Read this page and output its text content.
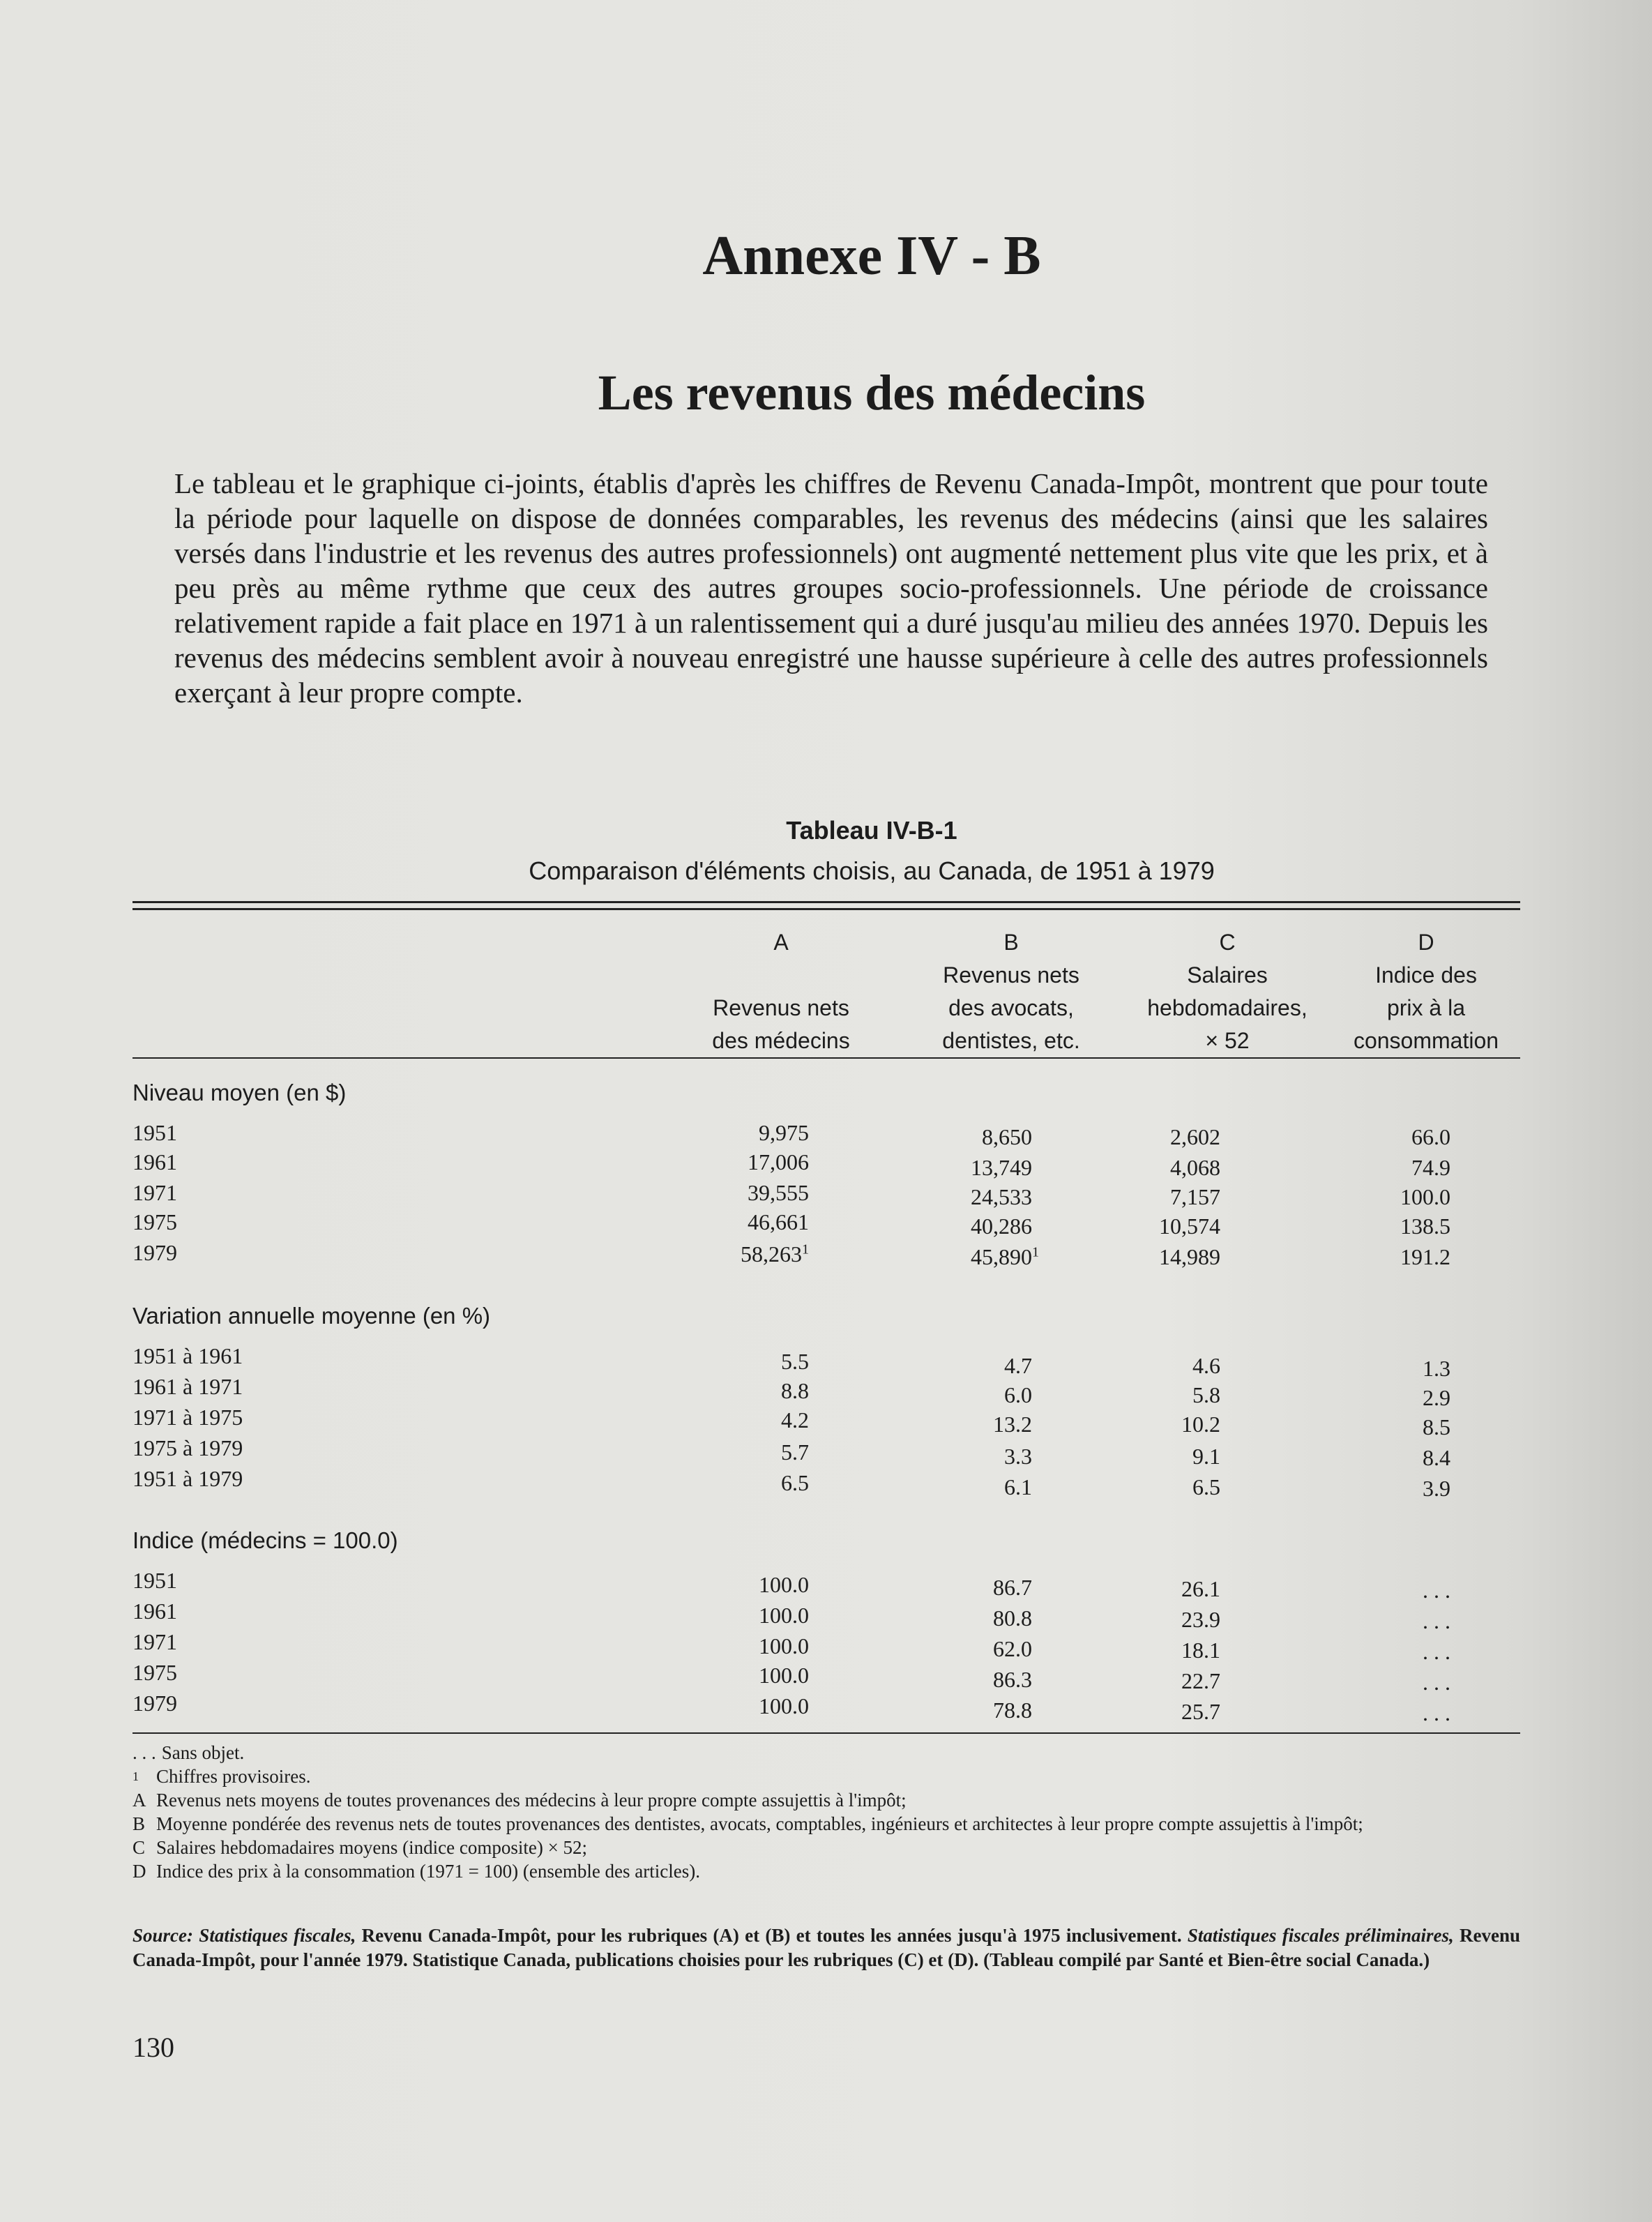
Annexe IV - B
Les revenus des médecins

Le tableau et le graphique ci-joints, établis d'après les chiffres de Revenu Canada-Impôt, montrent que pour toute la période pour laquelle on dispose de données comparables, les revenus des médecins (ainsi que les salaires versés dans l'industrie et les revenus des autres professionnels) ont augmenté nettement plus vite que les prix, et à peu près au même rythme que ceux des autres groupes socio-professionnels. Une période de croissance relativement rapide a fait place en 1971 à un ralentissement qui a duré jusqu'au milieu des années 1970. Depuis les revenus des médecins semblent avoir à nouveau enregistré une hausse supérieure à celle des autres professionnels exerçant à leur propre compte.

Tableau IV-B-1
Comparaison d'éléments choisis, au Canada, de 1951 à 1979
A
Revenus nets
des médecins
B
Revenus nets
des avocats,
dentistes, etc.
C
Salaires
hebdomadaires,
× 52
D
Indice des
prix à la
consommation
Niveau moyen (en $)
1951	9,975	8,650	2,602	66.0
1961	17,006	13,749	4,068	74.9
1971	39,555	24,533	7,157	100.0
1975	46,661	40,286	10,574	138.5
1979	58,263$^1$	45,890$^1$	14,989	191.2
Variation annuelle moyenne (en %)
1951 à 1961	5.5	4.7	4.6	1.3
1961 à 1971	8.8	6.0	5.8	2.9
1971 à 1975	4.2	13.2	10.2	8.5
1975 à 1979	5.7	3.3	9.1	8.4
1951 à 1979	6.5	6.1	6.5	3.9
Indice (médecins = 100.0)
1951	100.0	86.7	26.1	. . .
1961	100.0	80.8	23.9	. . .
1971	100.0	62.0	18.1	. . .
1975	100.0	86.3	22.7	. . .
1979	100.0	78.8	25.7	. . .
. . . Sans objet.
1 Chiffres provisoires.
A Revenus nets moyens de toutes provenances des médecins à leur propre compte assujettis à l'impôt;
B Moyenne pondérée des revenus nets de toutes provenances des dentistes, avocats, comptables, ingénieurs et architectes à leur propre compte assujettis à l'impôt;
C Salaires hebdomadaires moyens (indice composite) × 52;
D Indice des prix à la consommation (1971 = 100) (ensemble des articles).
Source: Statistiques fiscales, Revenu Canada-Impôt, pour les rubriques (A) et (B) et toutes les années jusqu'à 1975 inclusivement. Statistiques fiscales préliminaires, Revenu Canada-Impôt, pour l'année 1979. Statistique Canada, publications choisies pour les rubriques (C) et (D). (Tableau compilé par Santé et Bien-être social Canada.)
130
